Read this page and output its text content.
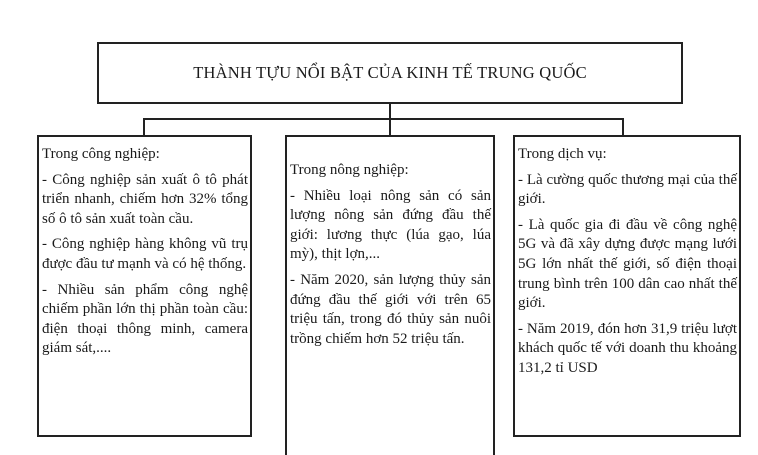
THÀNH TỰU NỔI BẬT CỦA KINH TẾ TRUNG QUỐC

Trong công nghiệp:

- Công nghiệp sản xuất ô tô phát triển nhanh, chiếm hơn 32% tổng số ô tô sản xuất toàn cầu.

- Công nghiệp hàng không vũ trụ được đầu tư mạnh và có hệ thống.

- Nhiều sản phẩm công nghệ chiếm phần lớn thị phần toàn cầu: điện thoại thông minh, camera giám sát,....

Trong nông nghiệp:

- Nhiều loại nông sản có sản lượng nông sản đứng đầu thế giới: lương thực (lúa gạo, lúa mỳ), thịt lợn,...

- Năm 2020, sản lượng thủy sản đứng đầu thế giới với trên 65 triệu tấn, trong đó thủy sản nuôi trồng chiếm hơn 52 triệu tấn.

Trong dịch vụ:

- Là cường quốc thương mại của thế giới.

- Là quốc gia đi đầu về công nghệ 5G và đã xây dựng được mạng lưới 5G lớn nhất thế giới, số điện thoại trung bình trên 100 dân cao nhất thế giới.

- Năm 2019, đón hơn 31,9 triệu lượt khách quốc tế với doanh thu khoảng 131,2 tỉ USD
